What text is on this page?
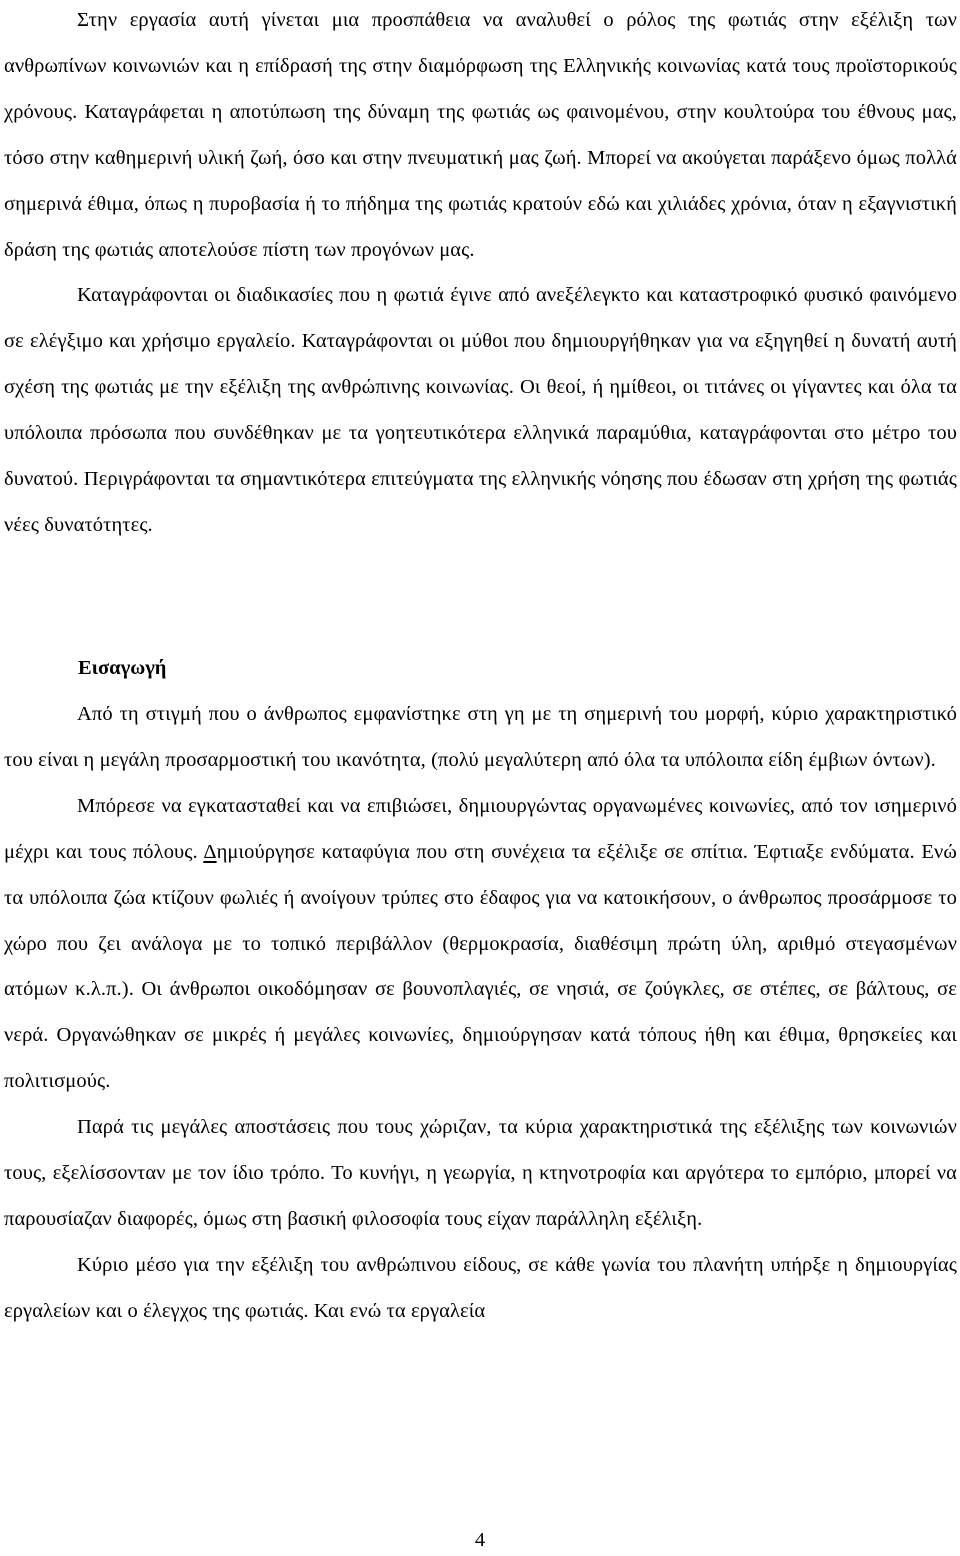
Στην εργασία αυτή γίνεται μια προσπάθεια να αναλυθεί ο ρόλος της φωτιάς στην εξέλιξη των ανθρωπίνων κοινωνιών και η επίδρασή της στην διαμόρφωση της Ελληνικής κοινωνίας κατά τους προϊστορικούς χρόνους. Καταγράφεται η αποτύπωση της δύναμη της φωτιάς ως φαινομένου, στην κουλτούρα του έθνους μας, τόσο στην καθημερινή υλική ζωή, όσο και στην πνευματική μας ζωή. Μπορεί να ακούγεται παράξενο όμως πολλά σημερινά έθιμα, όπως η πυροβασία ή το πήδημα της φωτιάς κρατούν εδώ και χιλιάδες χρόνια, όταν η εξαγνιστική δράση της φωτιάς αποτελούσε πίστη των προγόνων μας.

Καταγράφονται οι διαδικασίες που η φωτιά έγινε από ανεξέλεγκτο και καταστροφικό φυσικό φαινόμενο σε ελέγξιμο και χρήσιμο εργαλείο. Καταγράφονται οι μύθοι που δημιουργήθηκαν για να εξηγηθεί η δυνατή αυτή σχέση της φωτιάς με την εξέλιξη της ανθρώπινης κοινωνίας. Οι θεοί, ή ημίθεοι, οι τιτάνες οι γίγαντες και όλα τα υπόλοιπα πρόσωπα που συνδέθηκαν με τα γοητευτικότερα ελληνικά παραμύθια, καταγράφονται στο μέτρο του δυνατού. Περιγράφονται τα σημαντικότερα επιτεύγματα της ελληνικής νόησης που έδωσαν στη χρήση της φωτιάς νέες δυνατότητες.

Εισαγωγή

Από τη στιγμή που ο άνθρωπος εμφανίστηκε στη γη με τη σημερινή του μορφή, κύριο χαρακτηριστικό του είναι η μεγάλη προσαρμοστική του ικανότητα, (πολύ μεγαλύτερη από όλα τα υπόλοιπα είδη έμβιων όντων).

Μπόρεσε να εγκατασταθεί και να επιβιώσει, δημιουργώντας οργανωμένες κοινωνίες, από τον ισημερινό μέχρι και τους πόλους. Δημιούργησε καταφύγια που στη συνέχεια τα εξέλιξε σε σπίτια. Έφτιαξε ενδύματα. Ενώ τα υπόλοιπα ζώα κτίζουν φωλιές ή ανοίγουν τρύπες στο έδαφος για να κατοικήσουν, ο άνθρωπος προσάρμοσε το χώρο που ζει ανάλογα με το τοπικό περιβάλλον (θερμοκρασία, διαθέσιμη πρώτη ύλη, αριθμό στεγασμένων ατόμων κ.λ.π.). Οι άνθρωποι οικοδόμησαν σε βουνοπλαγιές, σε νησιά, σε ζούγκλες, σε στέπες, σε βάλτους, σε νερά. Οργανώθηκαν σε μικρές ή μεγάλες κοινωνίες, δημιούργησαν κατά τόπους ήθη και έθιμα, θρησκείες και πολιτισμούς.

Παρά τις μεγάλες αποστάσεις που τους χώριζαν, τα κύρια χαρακτηριστικά της εξέλιξης των κοινωνιών τους, εξελίσσονταν με τον ίδιο τρόπο. Το κυνήγι, η γεωργία, η κτηνοτροφία και αργότερα το εμπόριο, μπορεί να παρουσίαζαν διαφορές, όμως στη βασική φιλοσοφία τους είχαν παράλληλη εξέλιξη.

Κύριο μέσο για την εξέλιξη του ανθρώπινου είδους, σε κάθε γωνία του πλανήτη υπήρξε η δημιουργίας εργαλείων και ο έλεγχος της φωτιάς. Και ενώ τα εργαλεία

4
